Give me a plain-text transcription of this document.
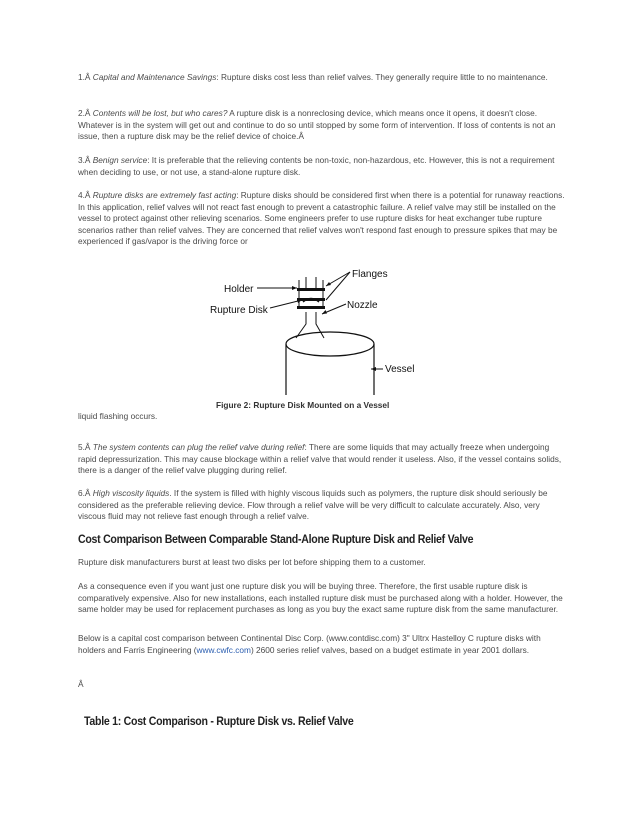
1.Â Capital and Maintenance Savings: Rupture disks cost less than relief valves. They generally require little to no maintenance.

2.Â Contents will be lost, but who cares? A rupture disk is a nonreclosing device, which means once it opens, it doesn't close. Whatever is in the system will get out and continue to do so until stopped by some form of intervention. If loss of contents is not an issue, then a rupture disk may be the relief device of choice.Â

3.Â Benign service: It is preferable that the relieving contents be non-toxic, non-hazardous, etc. However, this is not a requirement when deciding to use, or not use, a stand-alone rupture disk.

4.Â Rupture disks are extremely fast acting: Rupture disks should be considered first when there is a potential for runaway reactions. In this application, relief valves will not react fast enough to prevent a catastrophic failure. A relief valve may still be installed on the vessel to protect against other relieving scenarios. Some engineers prefer to use rupture disks for heat exchanger tube rupture scenarios rather than relief valves. They are concerned that relief valves won't respond fast enough to pressure spikes that may be experienced if gas/vapor is the driving force or

Flanges
Holder
Nozzle
Rupture Disk
Vessel
Figure 2: Rupture Disk Mounted on a Vessel

liquid flashing occurs.

5.Â The system contents can plug the relief valve during relief: There are some liquids that may actually freeze when undergoing rapid depressurization. This may cause blockage within a relief valve that would render it useless. Also, if the vessel contains solids, there is a danger of the relief valve plugging during relief.

6.Â High viscosity liquids. If the system is filled with highly viscous liquids such as polymers, the rupture disk should seriously be considered as the preferable relieving device. Flow through a relief valve will be very difficult to calculate accurately. Also, very viscous fluid may not relieve fast enough through a relief valve.

Cost Comparison Between Comparable Stand-Alone Rupture Disk and Relief Valve

Rupture disk manufacturers burst at least two disks per lot before shipping them to a customer.

As a consequence even if you want just one rupture disk you will be buying three. Therefore, the first usable rupture disk is comparatively expensive. Also for new installations, each installed rupture disk must be purchased along with a holder. However, the same holder may be used for replacement purchases as long as you buy the exact same rupture disk from the same manufacturer.

Below is a capital cost comparison between Continental Disc Corp. (www.contdisc.com) 3" Ultrx Hastelloy C rupture disks with holders and Farris Engineering (www.cwfc.com) 2600 series relief valves, based on a budget estimate in year 2001 dollars.

Â

Table 1: Cost Comparison - Rupture Disk vs. Relief Valve
